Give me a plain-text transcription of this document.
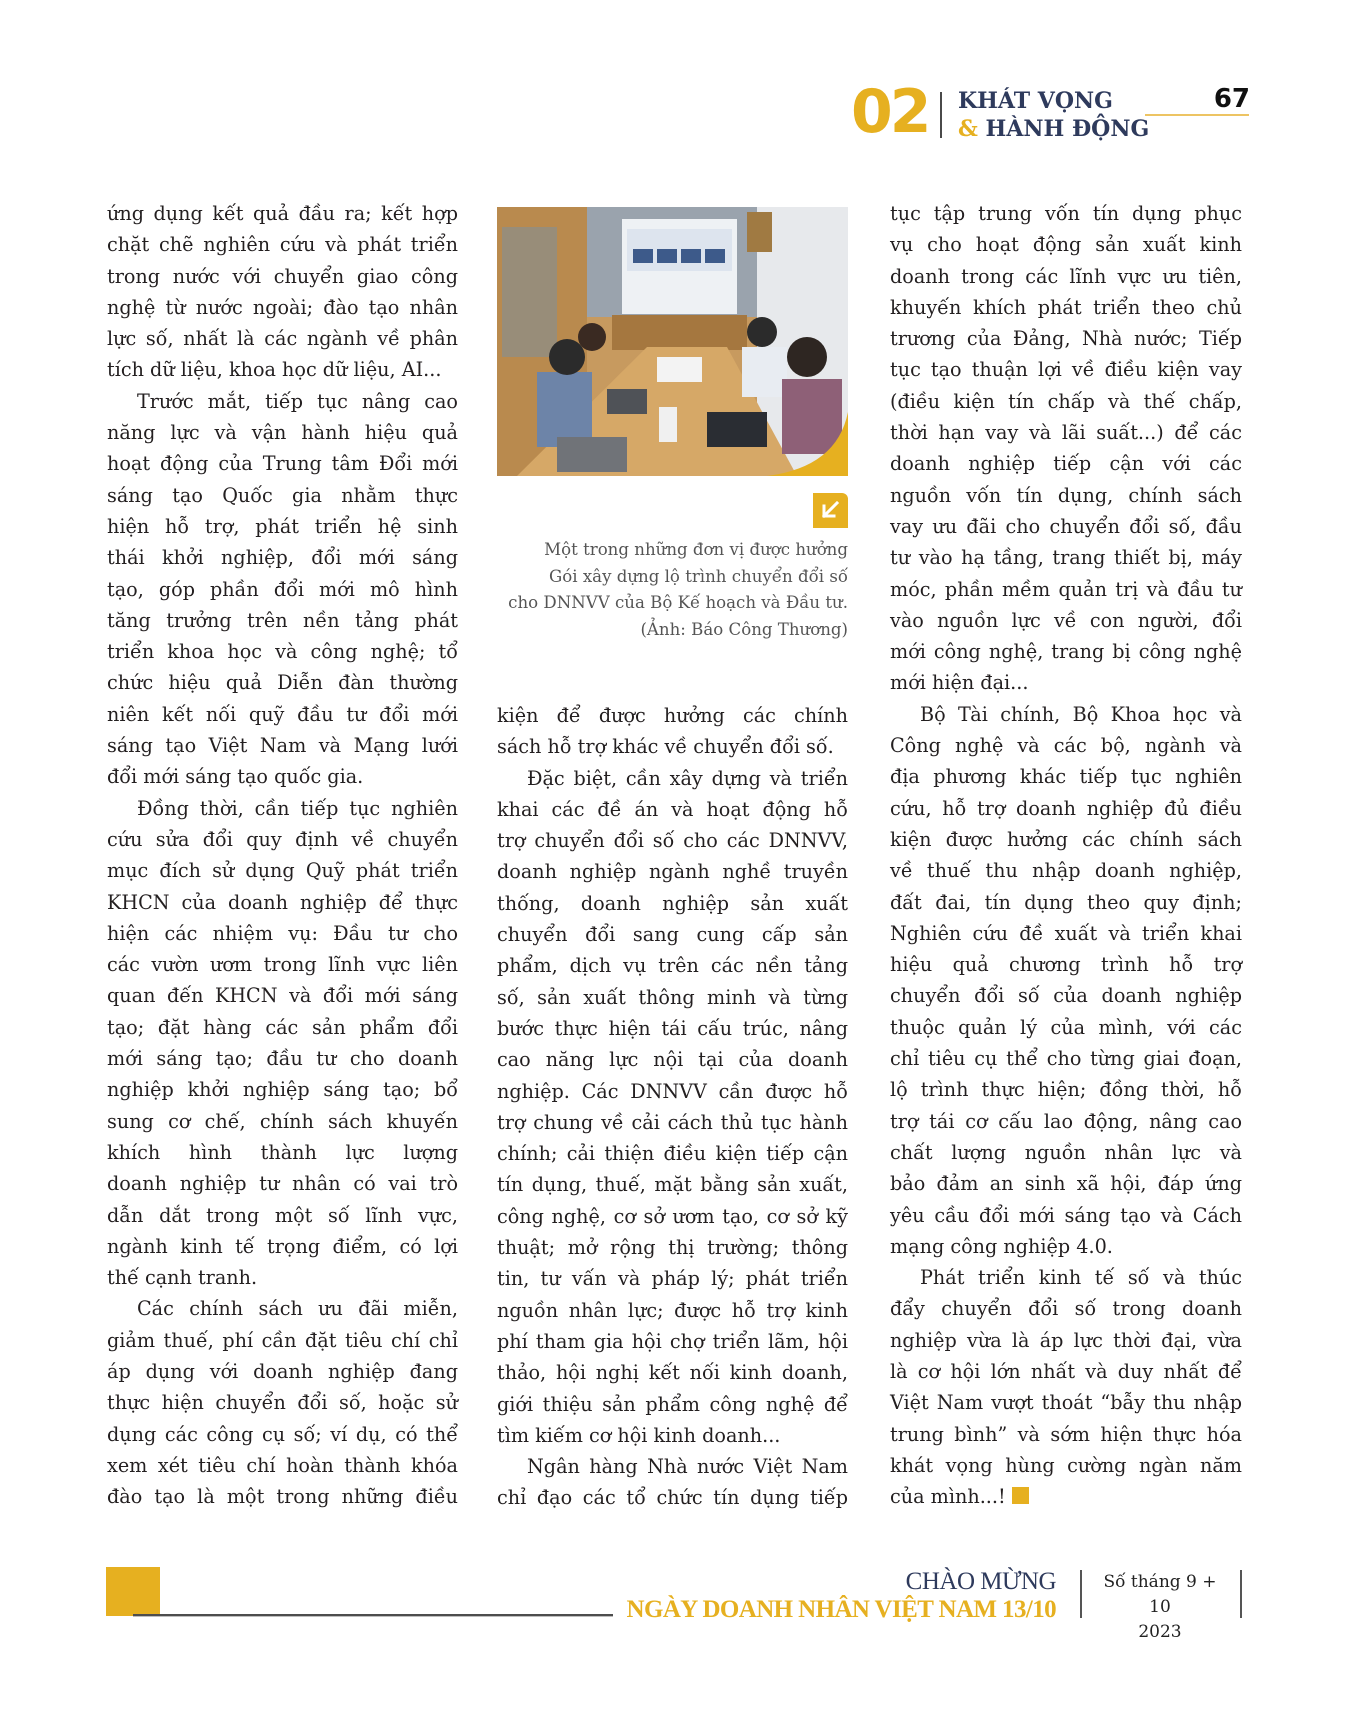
02 KHÁT VỌNG
& HÀNH ĐỘNG
67
ứng dụng kết quả đầu ra; kết hợp
chặt chẽ nghiên cứu và phát triển
trong nước với chuyển giao công
nghệ từ nước ngoài; đào tạo nhân
lực số, nhất là các ngành về phân
tích dữ liệu, khoa học dữ liệu, AI...
Trước mắt, tiếp tục nâng cao
năng lực và vận hành hiệu quả
hoạt động của Trung tâm Đổi mới
sáng tạo Quốc gia nhằm thực
hiện hỗ trợ, phát triển hệ sinh
thái khởi nghiệp, đổi mới sáng
tạo, góp phần đổi mới mô hình
tăng trưởng trên nền tảng phát
triển khoa học và công nghệ; tổ
chức hiệu quả Diễn đàn thường
niên kết nối quỹ đầu tư đổi mới
sáng tạo Việt Nam và Mạng lưới
đổi mới sáng tạo quốc gia.
Đồng thời, cần tiếp tục nghiên
cứu sửa đổi quy định về chuyển
mục đích sử dụng Quỹ phát triển
KHCN của doanh nghiệp để thực
hiện các nhiệm vụ: Đầu tư cho
các vườn ươm trong lĩnh vực liên
quan đến KHCN và đổi mới sáng
tạo; đặt hàng các sản phẩm đổi
mới sáng tạo; đầu tư cho doanh
nghiệp khởi nghiệp sáng tạo; bổ
sung cơ chế, chính sách khuyến
khích hình thành lực lượng
doanh nghiệp tư nhân có vai trò
dẫn dắt trong một số lĩnh vực,
ngành kinh tế trọng điểm, có lợi
thế cạnh tranh.
Các chính sách ưu đãi miễn,
giảm thuế, phí cần đặt tiêu chí chỉ
áp dụng với doanh nghiệp đang
thực hiện chuyển đổi số, hoặc sử
dụng các công cụ số; ví dụ, có thể
xem xét tiêu chí hoàn thành khóa
đào tạo là một trong những điều
Một trong những đơn vị được hưởng
Gói xây dựng lộ trình chuyển đổi số
cho DNNVV của Bộ Kế hoạch và Đầu tư.
(Ảnh: Báo Công Thương)
kiện để được hưởng các chính
sách hỗ trợ khác về chuyển đổi số.
Đặc biệt, cần xây dựng và triển
khai các đề án và hoạt động hỗ
trợ chuyển đổi số cho các DNNVV,
doanh nghiệp ngành nghề truyền
thống, doanh nghiệp sản xuất
chuyển đổi sang cung cấp sản
phẩm, dịch vụ trên các nền tảng
số, sản xuất thông minh và từng
bước thực hiện tái cấu trúc, nâng
cao năng lực nội tại của doanh
nghiệp. Các DNNVV cần được hỗ
trợ chung về cải cách thủ tục hành
chính; cải thiện điều kiện tiếp cận
tín dụng, thuế, mặt bằng sản xuất,
công nghệ, cơ sở ươm tạo, cơ sở kỹ
thuật; mở rộng thị trường; thông
tin, tư vấn và pháp lý; phát triển
nguồn nhân lực; được hỗ trợ kinh
phí tham gia hội chợ triển lãm, hội
thảo, hội nghị kết nối kinh doanh,
giới thiệu sản phẩm công nghệ để
tìm kiếm cơ hội kinh doanh...
Ngân hàng Nhà nước Việt Nam
chỉ đạo các tổ chức tín dụng tiếp
tục tập trung vốn tín dụng phục
vụ cho hoạt động sản xuất kinh
doanh trong các lĩnh vực ưu tiên,
khuyến khích phát triển theo chủ
trương của Đảng, Nhà nước; Tiếp
tục tạo thuận lợi về điều kiện vay
(điều kiện tín chấp và thế chấp,
thời hạn vay và lãi suất...) để các
doanh nghiệp tiếp cận với các
nguồn vốn tín dụng, chính sách
vay ưu đãi cho chuyển đổi số, đầu
tư vào hạ tầng, trang thiết bị, máy
móc, phần mềm quản trị và đầu tư
vào nguồn lực về con người, đổi
mới công nghệ, trang bị công nghệ
mới hiện đại...
Bộ Tài chính, Bộ Khoa học và
Công nghệ và các bộ, ngành và
địa phương khác tiếp tục nghiên
cứu, hỗ trợ doanh nghiệp đủ điều
kiện được hưởng các chính sách
về thuế thu nhập doanh nghiệp,
đất đai, tín dụng theo quy định;
Nghiên cứu đề xuất và triển khai
hiệu quả chương trình hỗ trợ
chuyển đổi số của doanh nghiệp
thuộc quản lý của mình, với các
chỉ tiêu cụ thể cho từng giai đoạn,
lộ trình thực hiện; đồng thời, hỗ
trợ tái cơ cấu lao động, nâng cao
chất lượng nguồn nhân lực và
bảo đảm an sinh xã hội, đáp ứng
yêu cầu đổi mới sáng tạo và Cách
mạng công nghiệp 4.0.
Phát triển kinh tế số và thúc
đẩy chuyển đổi số trong doanh
nghiệp vừa là áp lực thời đại, vừa
là cơ hội lớn nhất và duy nhất để
Việt Nam vượt thoát “bẫy thu nhập
trung bình” và sớm hiện thực hóa
khát vọng hùng cường ngàn năm
của mình...!
CHÀO MỪNG
NGÀY DOANH NHÂN VIỆT NAM 13/10
Số tháng 9 + 10
2023
